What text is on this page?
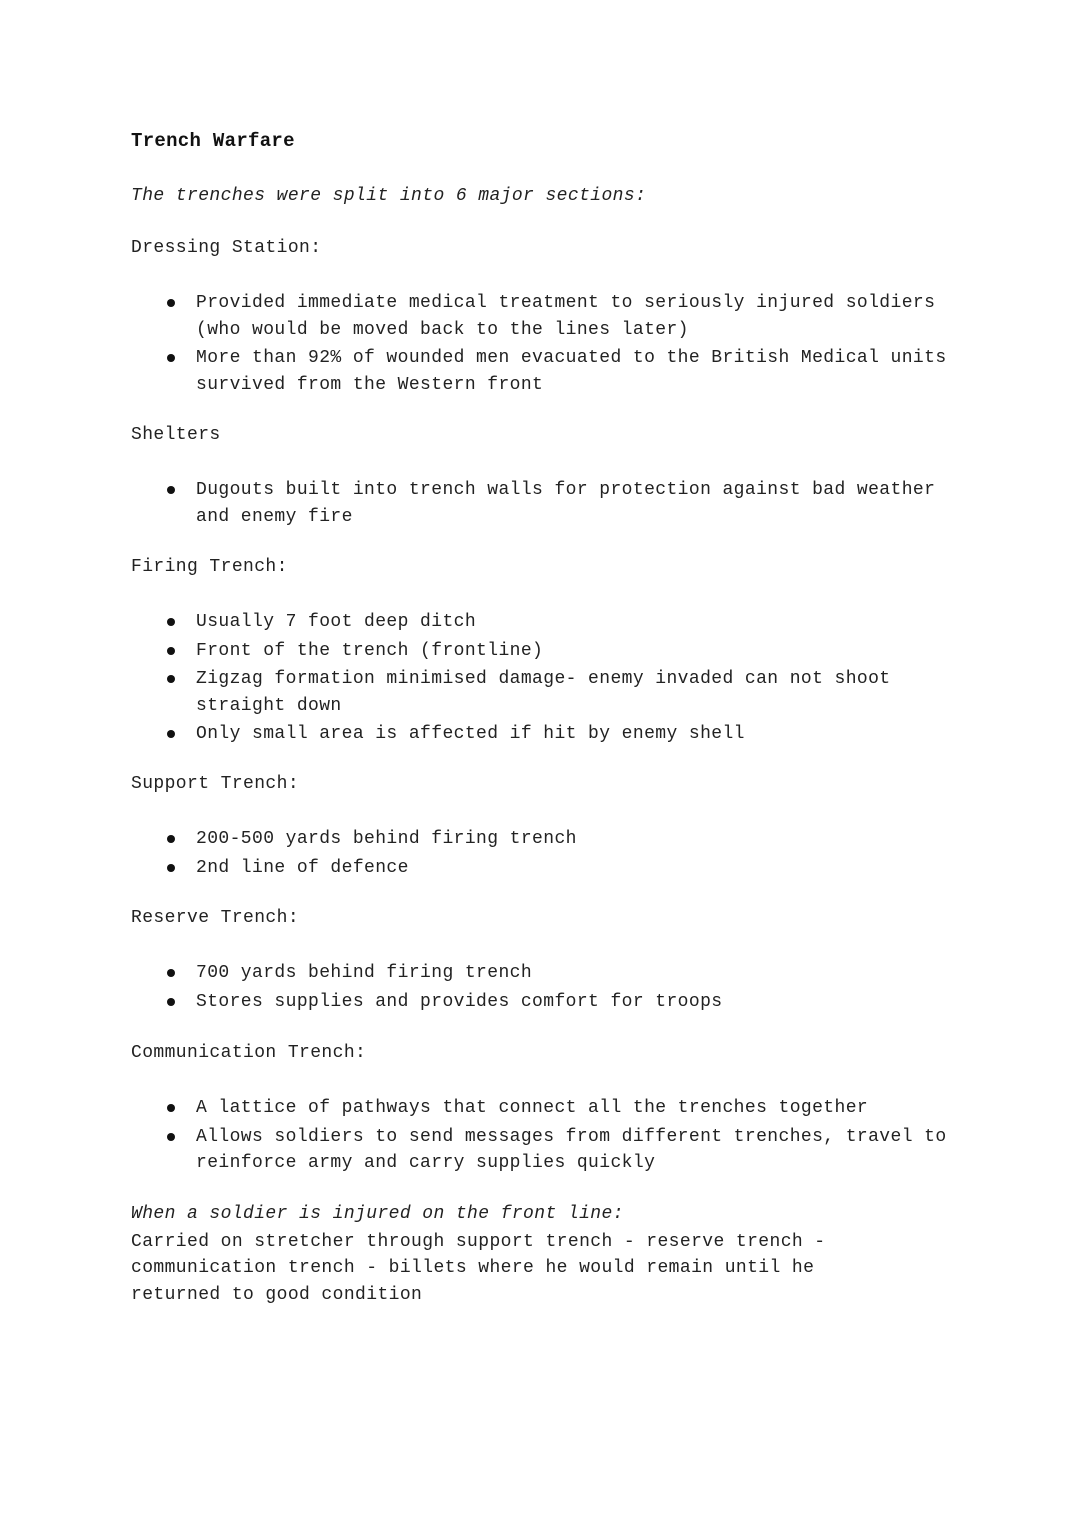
Trench Warfare
The trenches were split into 6 major sections:
Dressing Station:
Provided immediate medical treatment to seriously injured soldiers (who would be moved back to the lines later)
More than 92% of wounded men evacuated to the British Medical units survived from the Western front
Shelters
Dugouts built into trench walls for protection against bad weather and enemy fire
Firing Trench:
Usually 7 foot deep ditch
Front of the trench (frontline)
Zigzag formation minimised damage- enemy invaded can not shoot straight down
Only small area is affected if hit by enemy shell
Support Trench:
200-500 yards behind firing trench
2nd line of defence
Reserve Trench:
700 yards behind firing trench
Stores supplies and provides comfort for troops
Communication Trench:
A lattice of pathways that connect all the trenches together
Allows soldiers to send messages from different trenches, travel to reinforce army and carry supplies quickly
When a soldier is injured on the front line:
Carried on stretcher through support trench - reserve trench - communication trench - billets where he would remain until he returned to good condition
